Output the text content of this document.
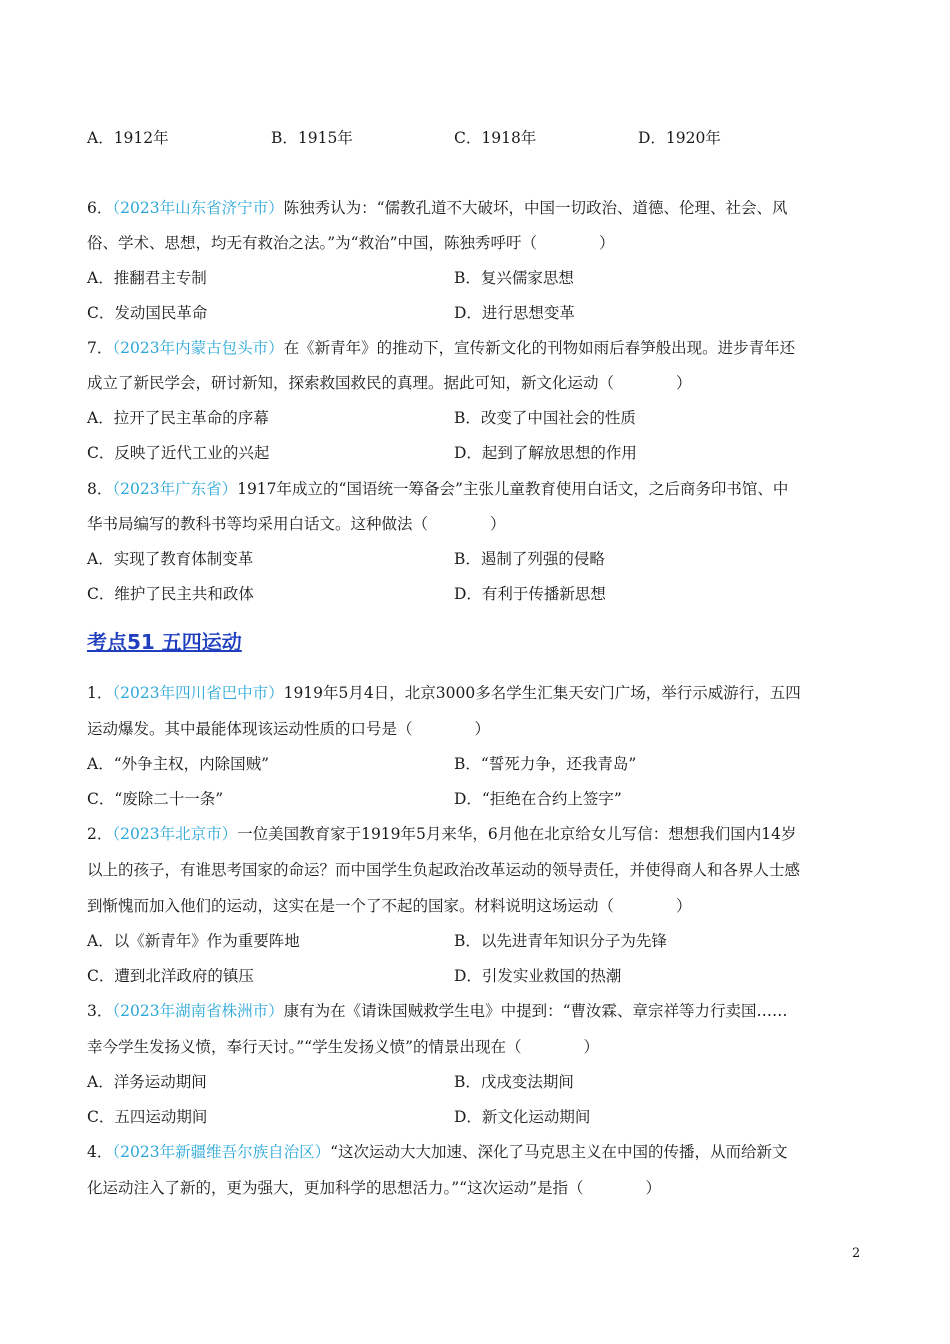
A．1912年	B．1915年	C．1918年	D．1920年
6．（2023年山东省济宁市）陈独秀认为：“儒教孔道不大破坏，中国一切政治、道德、伦理、社会、风
俗、学术、思想，均无有救治之法。”为“救治”中国，陈独秀呼吁（　　　　）
A．推翻君主专制	B．复兴儒家思想
C．发动国民革命	D．进行思想变革
7．（2023年内蒙古包头市）在《新青年》的推动下，宣传新文化的刊物如雨后春笋般出现。进步青年还
成立了新民学会，研讨新知，探索救国救民的真理。据此可知，新文化运动（　　　　）
A．拉开了民主革命的序幕	B．改变了中国社会的性质
C．反映了近代工业的兴起	D．起到了解放思想的作用
8．（2023年广东省）1917年成立的“国语统一筹备会”主张儿童教育使用白话文，之后商务印书馆、中
华书局编写的教科书等均采用白话文。这种做法（　　　　）
A．实现了教育体制变革	B．遏制了列强的侵略
C．维护了民主共和政体	D．有利于传播新思想
考点51 五四运动
1．（2023年四川省巴中市）1919年5月4日，北京3000多名学生汇集天安门广场，举行示威游行，五四
运动爆发。其中最能体现该运动性质的口号是（　　　　）
A．“外争主权，内除国贼”	B．“誓死力争，还我青岛”
C．“废除二十一条”	D．“拒绝在合约上签字”
2．（2023年北京市）一位美国教育家于1919年5月来华，6月他在北京给女儿写信：想想我们国内14岁
以上的孩子，有谁思考国家的命运？而中国学生负起政治改革运动的领导责任，并使得商人和各界人士感
到惭愧而加入他们的运动，这实在是一个了不起的国家。材料说明这场运动（　　　　）
A．以《新青年》作为重要阵地	B．以先进青年知识分子为先锋
C．遭到北洋政府的镇压	D．引发实业救国的热潮
3．（2023年湖南省株洲市）康有为在《请诛国贼救学生电》中提到：“曹汝霖、章宗祥等力行卖国……
幸今学生发扬义愤，奉行天讨。”“学生发扬义愤”的情景出现在（　　　　）
A．洋务运动期间	B．戊戌变法期间
C．五四运动期间	D．新文化运动期间
4．（2023年新疆维吾尔族自治区）“这次运动大大加速、深化了马克思主义在中国的传播，从而给新文
化运动注入了新的，更为强大，更加科学的思想活力。”“这次运动”是指（　　　　）
2
